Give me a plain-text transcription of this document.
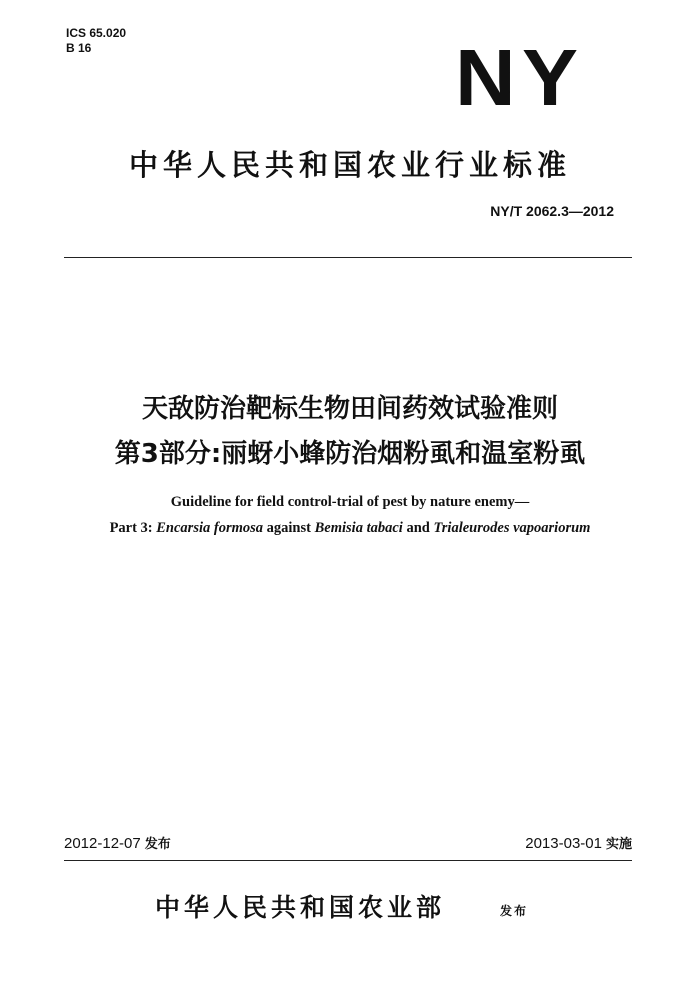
ICS 65.020
B 16	NY
中华人民共和国农业行业标准
NY/T 2062.3—2012
天敌防治靶标生物田间药效试验准则
第3部分:丽蚜小蜂防治烟粉虱和温室粉虱
Guideline for field control-trial of pest by nature enemy—
Part 3: Encarsia formosa against Bemisia tabaci and Trialeurodes vapoariorum
2012-12-07 发布	2013-03-01 实施
中华人民共和国农业部	发布
